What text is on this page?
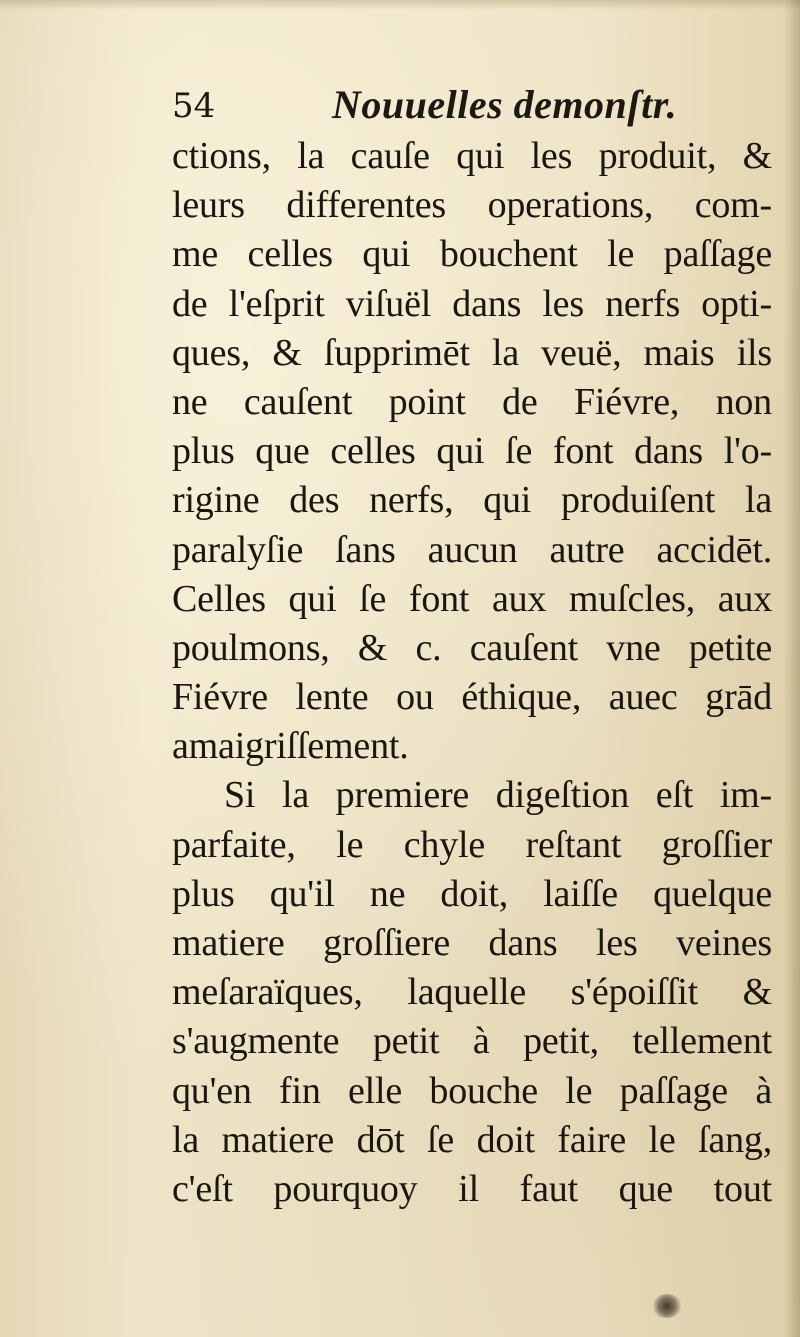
54	Nouuelles demonſtr.
ctions, la cauſe qui les produit, &
leurs differentes operations, com-
me celles qui bouchent le paſſage
de l'eſprit viſuël dans les nerfs opti-
ques, & ſupprimēt la veuë, mais ils
ne cauſent point de Fiévre, non
plus que celles qui ſe font dans l'o-
rigine des nerfs, qui produiſent la
paralyſie ſans aucun autre accidēt.
Celles qui ſe font aux muſcles, aux
poulmons, & c. cauſent vne petite
Fiévre lente ou éthique, auec grād
amaigriſſement.
Si la premiere digeſtion eſt im-
parfaite, le chyle reſtant groſſier
plus qu'il ne doit, laiſſe quelque
matiere groſſiere dans les veines
meſaraïques, laquelle s'époiſſit &
s'augmente petit à petit, tellement
qu'en fin elle bouche le paſſage à
la matiere dōt ſe doit faire le ſang,
c'eſt pourquoy il faut que tout
